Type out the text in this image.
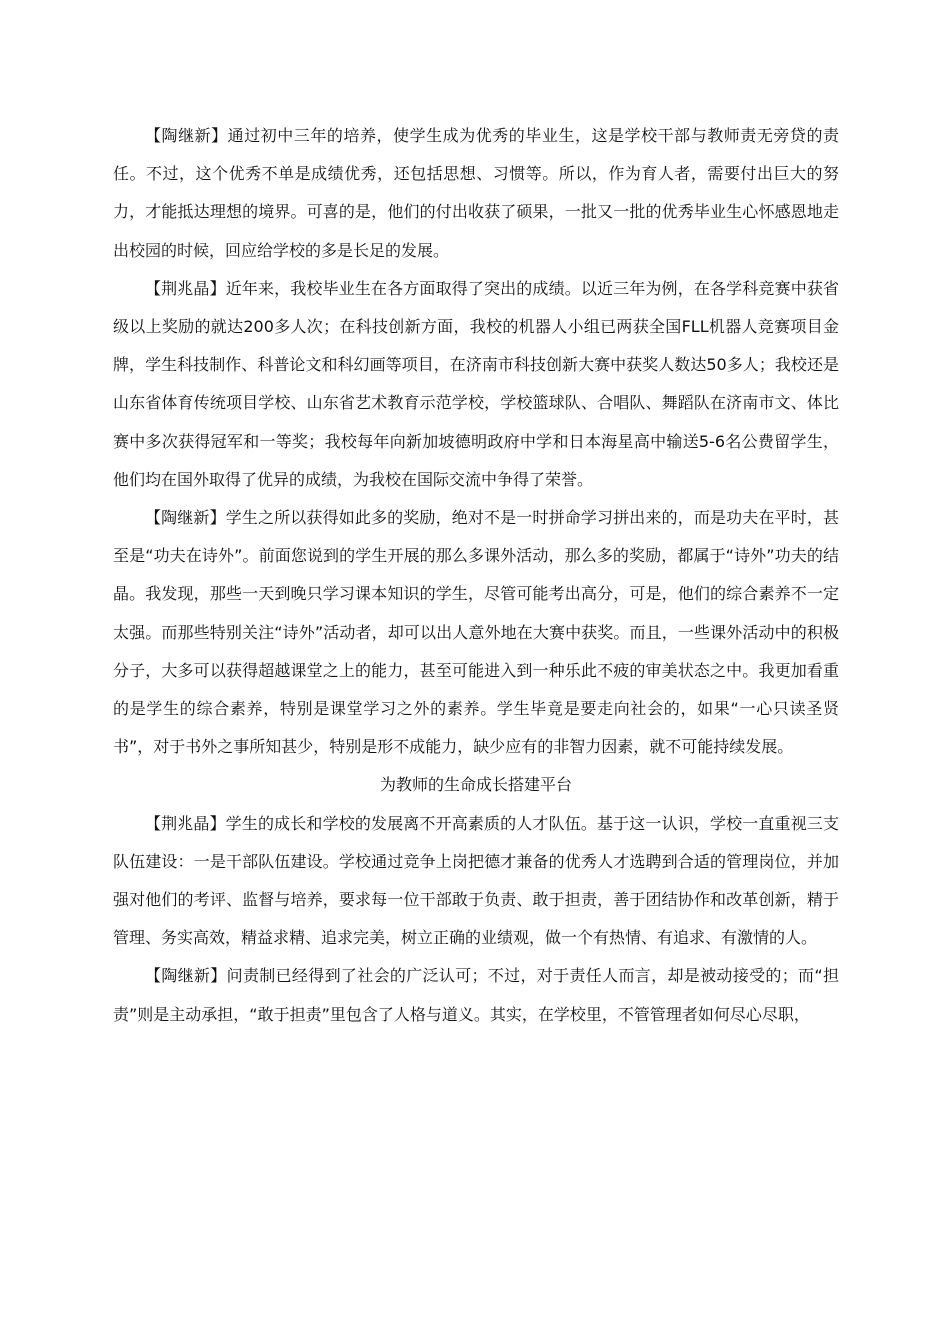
【陶继新】通过初中三年的培养，使学生成为优秀的毕业生，这是学校干部与教师责无旁贷的责任。不过，这个优秀不单是成绩优秀，还包括思想、习惯等。所以，作为育人者，需要付出巨大的努力，才能抵达理想的境界。可喜的是，他们的付出收获了硕果，一批又一批的优秀毕业生心怀感恩地走出校园的时候，回应给学校的多是长足的发展。

【荆兆晶】近年来，我校毕业生在各方面取得了突出的成绩。以近三年为例，在各学科竞赛中获省级以上奖励的就达200多人次；在科技创新方面，我校的机器人小组已两获全国FLL机器人竞赛项目金牌，学生科技制作、科普论文和科幻画等项目，在济南市科技创新大赛中获奖人数达50多人；我校还是山东省体育传统项目学校、山东省艺术教育示范学校，学校篮球队、合唱队、舞蹈队在济南市文、体比赛中多次获得冠军和一等奖；我校每年向新加坡德明政府中学和日本海星高中输送5-6名公费留学生，他们均在国外取得了优异的成绩，为我校在国际交流中争得了荣誉。

【陶继新】学生之所以获得如此多的奖励，绝对不是一时拼命学习拼出来的，而是功夫在平时，甚至是“功夫在诗外”。前面您说到的学生开展的那么多课外活动，那么多的奖励，都属于“诗外”功夫的结晶。我发现，那些一天到晚只学习课本知识的学生，尽管可能考出高分，可是，他们的综合素养不一定太强。而那些特别关注“诗外”活动者，却可以出人意外地在大赛中获奖。而且，一些课外活动中的积极分子，大多可以获得超越课堂之上的能力，甚至可能进入到一种乐此不疲的审美状态之中。我更加看重的是学生的综合素养，特别是课堂学习之外的素养。学生毕竟是要走向社会的，如果“一心只读圣贤书”，对于书外之事所知甚少，特别是形不成能力，缺少应有的非智力因素，就不可能持续发展。

为教师的生命成长搭建平台

【荆兆晶】学生的成长和学校的发展离不开高素质的人才队伍。基于这一认识，学校一直重视三支队伍建设：一是干部队伍建设。学校通过竞争上岗把德才兼备的优秀人才选聘到合适的管理岗位，并加强对他们的考评、监督与培养，要求每一位干部敢于负责、敢于担责，善于团结协作和改革创新，精于管理、务实高效，精益求精、追求完美，树立正确的业绩观，做一个有热情、有追求、有激情的人。

【陶继新】问责制已经得到了社会的广泛认可；不过，对于责任人而言，却是被动接受的；而“担责”则是主动承担，“敢于担责”里包含了人格与道义。其实，在学校里，不管管理者如何尽心尽职，
